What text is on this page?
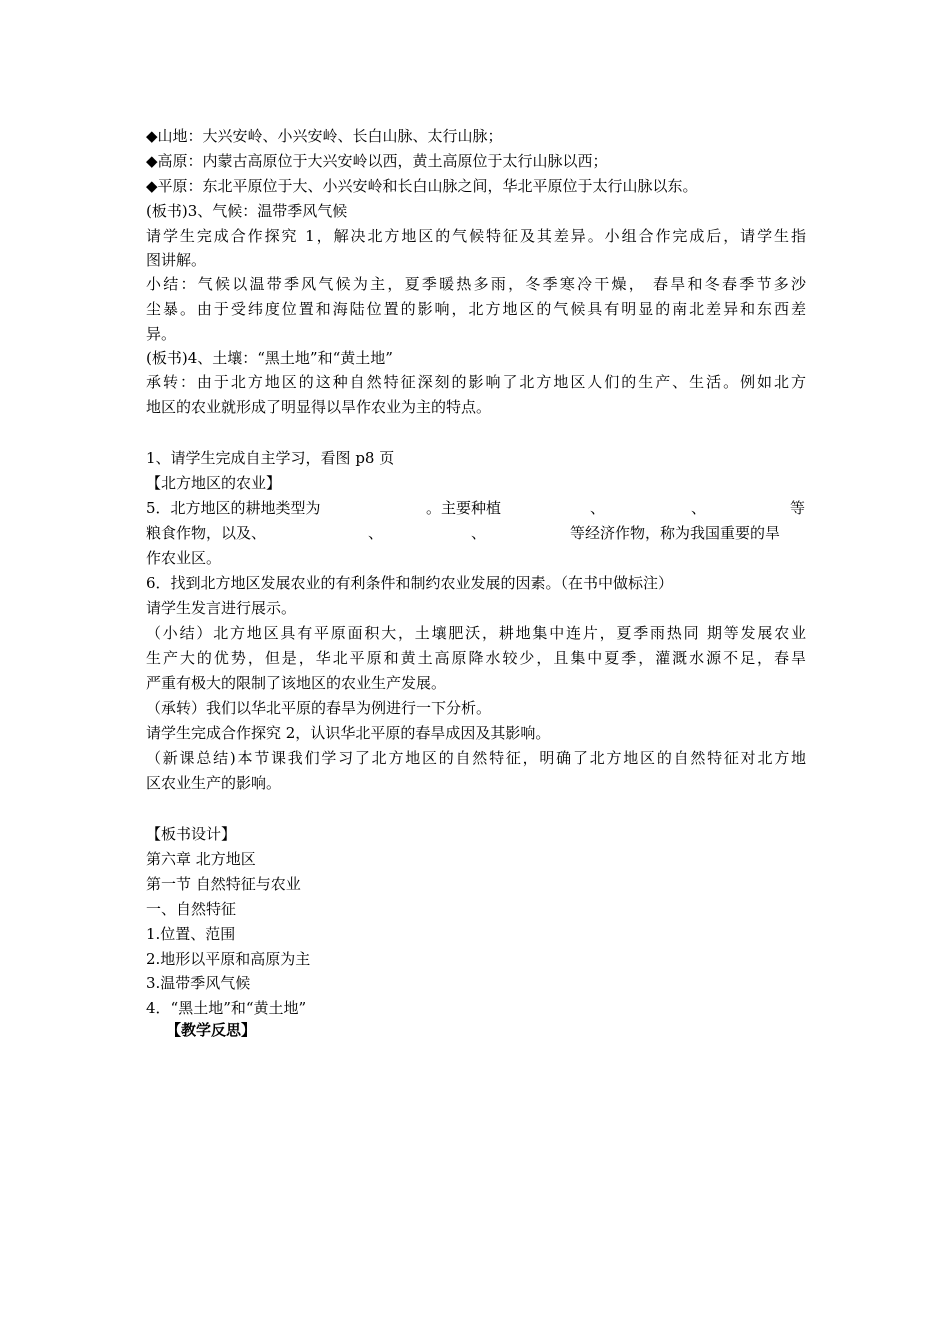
◆山地：大兴安岭、小兴安岭、长白山脉、太行山脉；
◆高原：内蒙古高原位于大兴安岭以西，黄土高原位于太行山脉以西；
◆平原：东北平原位于大、小兴安岭和长白山脉之间，华北平原位于太行山脉以东。
(板书)3、气候：温带季风气候
请学生完成合作探究 1，解决北方地区的气候特征及其差异。小组合作完成后，请学生指
图讲解。
小结：气候以温带季风气候为主，夏季暖热多雨，冬季寒冷干燥， 春旱和冬春季节多沙
尘暴。由于受纬度位置和海陆位置的影响，北方地区的气候具有明显的南北差异和东西差
异。
(板书)4、土壤：“黑土地”和“黄土地”
承转：由于北方地区的这种自然特征深刻的影响了北方地区人们的生产、生活。例如北方
地区的农业就形成了明显得以旱作农业为主的特点。
1、请学生完成自主学习，看图 p8 页
【北方地区的农业】
5．北方地区的耕地类型为	。主要种植	、	、	等
粮食作物，以及、	、	、	等经济作物，称为我国重要的旱
作农业区。
6．找到北方地区发展农业的有利条件和制约农业发展的因素。（在书中做标注）
请学生发言进行展示。
（小结）北方地区具有平原面积大，土壤肥沃，耕地集中连片，夏季雨热同 期等发展农业
生产大的优势，但是，华北平原和黄土高原降水较少，且集中夏季，灌溉水源不足，春旱
严重有极大的限制了该地区的农业生产发展。
（承转）我们以华北平原的春旱为例进行一下分析。
请学生完成合作探究 2，认识华北平原的春旱成因及其影响。
（新课总结)本节课我们学习了北方地区的自然特征，明确了北方地区的自然特征对北方地
区农业生产的影响。
【板书设计】
第六章 北方地区
第一节 自然特征与农业
一、自然特征
1.位置、范围
2.地形以平原和高原为主
3.温带季风气候
4．“黑土地”和“黄土地”
【教学反思】
